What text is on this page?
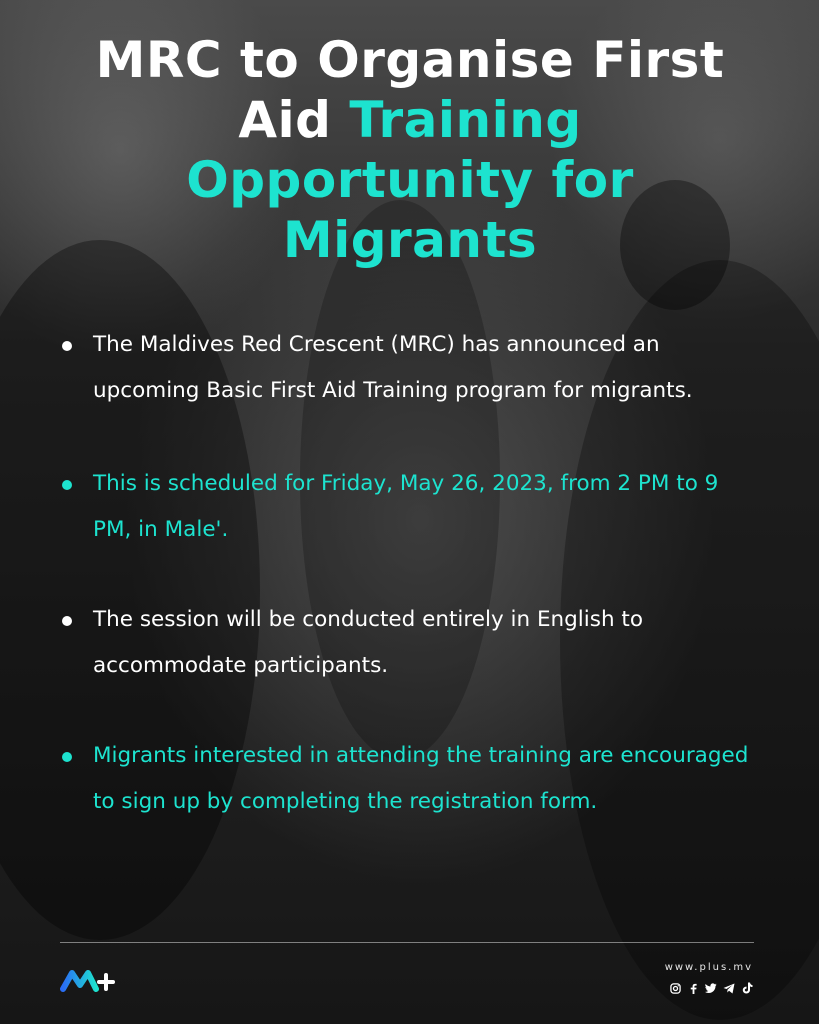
MRC to Organise First
Aid Training Opportunity for Migrants
The Maldives Red Crescent (MRC) has announced an upcoming Basic First Aid Training program for migrants.
This is scheduled for Friday, May 26, 2023, from 2 PM to 9 PM, in Male'.
The session will be conducted entirely in English to accommodate participants.
Migrants interested in attending the training are encouraged to sign up by completing the registration form.
www.plus.mv
